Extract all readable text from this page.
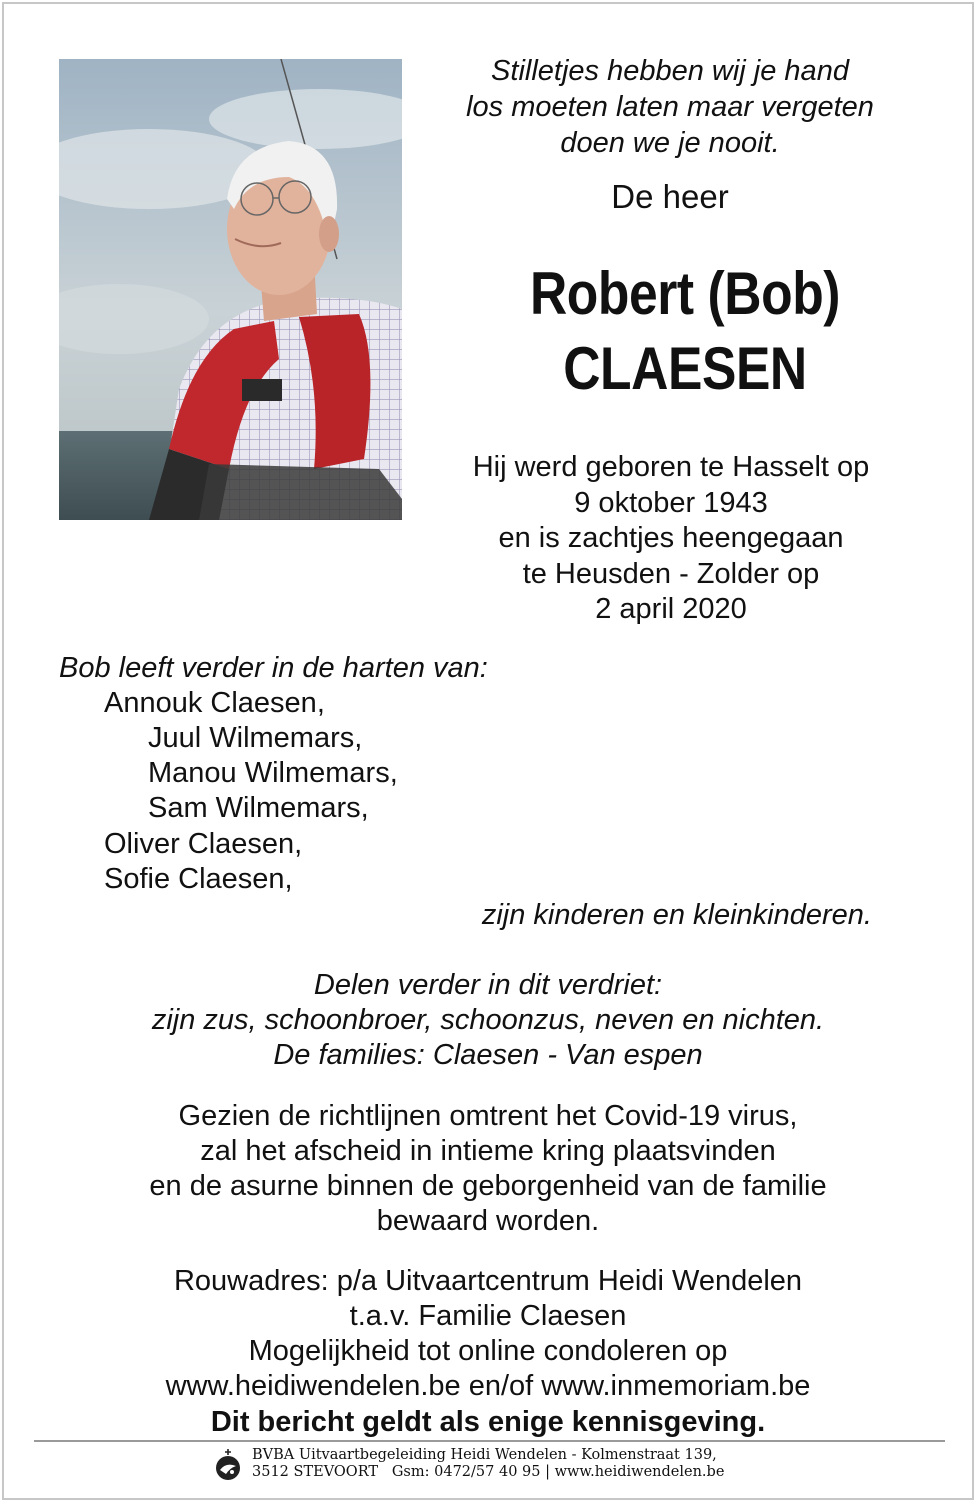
Stilletjes hebben wij je hand
los moeten laten maar vergeten
doen we je nooit.
De heer
Robert (Bob)
CLAESEN
Hij werd geboren te Hasselt op
9 oktober 1943
en is zachtjes heengegaan
te Heusden - Zolder op
2 april 2020
Bob leeft verder in de harten van:
Annouk Claesen,
Juul Wilmemars,
Manou Wilmemars,
Sam Wilmemars,
Oliver Claesen,
Sofie Claesen,
zijn kinderen en kleinkinderen.
Delen verder in dit verdriet:
zijn zus, schoonbroer, schoonzus, neven en nichten.
De families: Claesen - Van espen
Gezien de richtlijnen omtrent het Covid-19 virus,
zal het afscheid in intieme kring plaatsvinden
en de asurne binnen de geborgenheid van de familie
bewaard worden.
Rouwadres: p/a Uitvaartcentrum Heidi Wendelen
t.a.v. Familie Claesen
Mogelijkheid tot online condoleren op
www.heidiwendelen.be en/of www.inmemoriam.be
Dit bericht geldt als enige kennisgeving.
BVBA Uitvaartbegeleiding Heidi Wendelen - Kolmenstraat 139,
3512 STEVOORT   Gsm: 0472/57 40 95 | www.heidiwendelen.be
